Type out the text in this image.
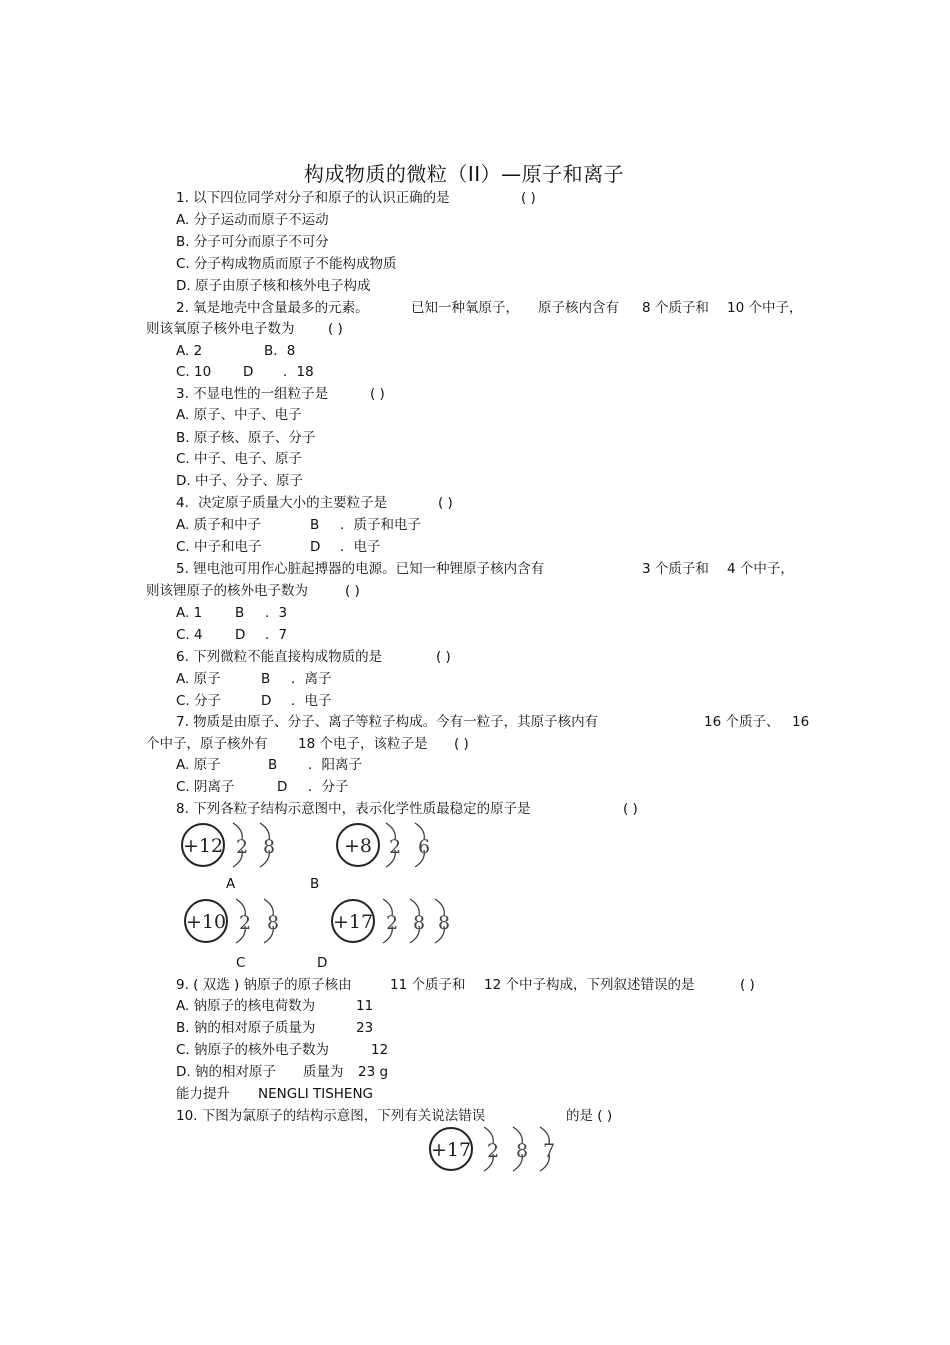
构成物质的微粒（II）—原子和离子
1. 以下四位同学对分子和原子的认识正确的是	( )
A. 分子运动而原子不运动
B. 分子可分而原子不可分
C. 分子构成物质而原子不能构成物质
D. 原子由原子核和核外电子构成
2. 氧是地壳中含量最多的元素。	已知一种氧原子， 原子核内含有 8 个质子和 10 个中子，
则该氧原子核外电子数为 ( )
A. 2	B．8
C. 10 D ．18
3. 不显电性的一组粒子是	( )
A. 原子、中子、电子
B. 原子核、原子、分子
C. 中子、电子、原子
D. 中子、分子、原子
4．决定原子质量大小的主要粒子是	( )
A. 质子和中子	B ．质子和电子
C. 中子和电子	D ．电子
5. 锂电池可用作心脏起搏器的电源。已知一种锂原子核内含有	3 个质子和 4 个中子，
则该锂原子的核外电子数为	( )
A. 1 B ．3
C. 4 D ．7
6. 下列微粒不能直接构成物质的是	( )
A. 原子	B ．离子
C. 分子	D ．电子
7. 物质是由原子、分子、离子等粒子构成。今有一粒子，其原子核内有	16 个质子、 16
个中子，原子核外有 18 个电子，该粒子是 ( )
A. 原子	B ．阳离子
C. 阴离子	D ．分子
8. 下列各粒子结构示意图中，表示化学性质最稳定的原子是	( )
+12 2 8
A
+8 2 6
B
+10 2 8
C
+17 2 8 8
D
9. ( 双选 ) 钠原子的原子核由	11 个质子和 12 个中子构成，下列叙述错误的是	( )
A. 钠原子的核电荷数为	11
B. 钠的相对原子质量为	23
C. 钠原子的核外电子数为	12
D. 钠的相对原子 质量为 23 g
能力提升 NENGLI TISHENG
10. 下图为氯原子的结构示意图，下列有关说法错误	的是 ( )
+17 2 8 7
